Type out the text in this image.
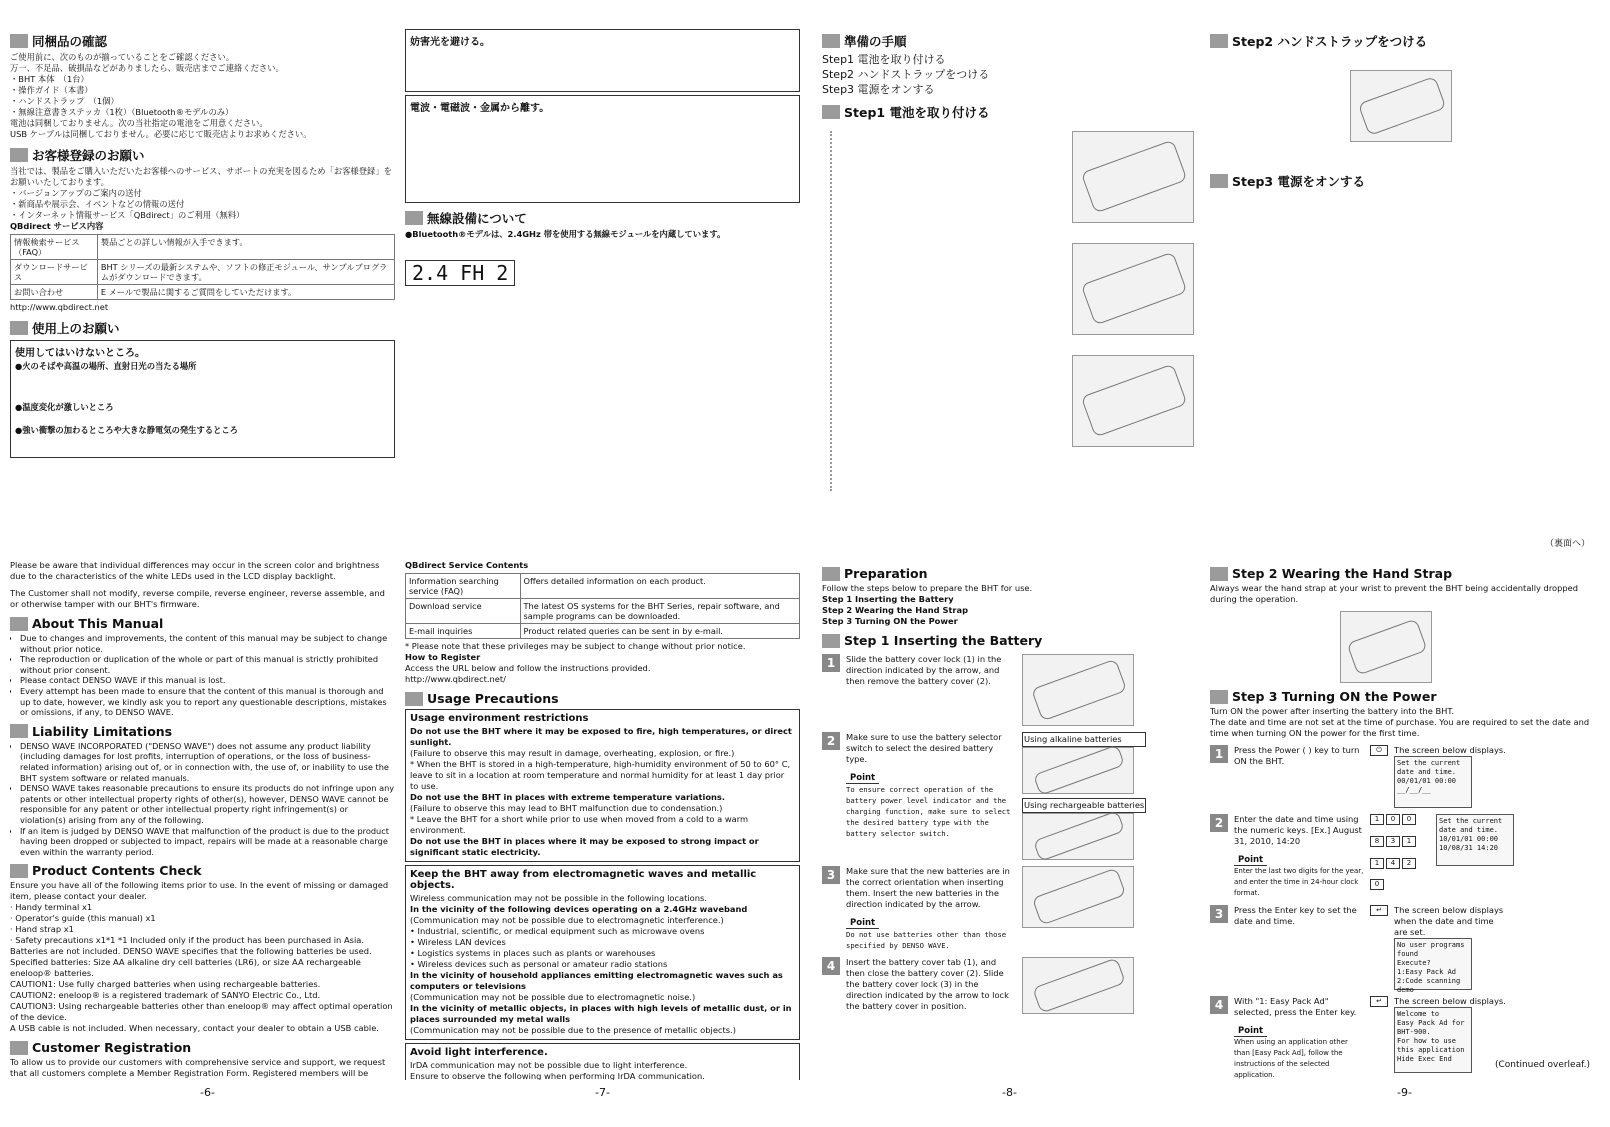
同梱品の確認

ご使用前に、次のものが揃っていることをご確認ください。

万一、不足品、破損品などがありましたら、販売店までご連絡ください。

・BHT 本体　（1台）

・操作ガイド（本書）

・ハンドストラップ　（1個）

・無線注意書きステッカ（1枚）（Bluetooth®モデルのみ）

電池は同梱しておりません。次の当社指定の電池をご用意ください。

USB ケーブルは同梱しておりません。必要に応じて販売店よりお求めください。

お客様登録のお願い

当社では、製品をご購入いただいたお客様へのサービス、サポートの充実を図るため「お客様登録」をお願いいたしております。

・バージョンアップのご案内の送付

・新商品や展示会、イベントなどの情報の送付

・インターネット情報サービス「QBdirect」のご利用（無料）

QBdirect サービス内容

情報検索サービス（FAQ）	製品ごとの詳しい情報が入手できます。
ダウンロードサービス	BHT シリーズの最新システムや、ソフトの修正モジュール、サンプルプログラムがダウンロードできます。
お問い合わせ	E メールで製品に関するご質問をしていただけます。

http://www.qbdirect.net

使用上のお願い

使用してはいけないところ。

●火のそばや高温の場所、直射日光の当たる場所

●温度変化が激しいところ

●強い衝撃の加わるところや大きな静電気の発生するところ

妨害光を避ける。

電波・電磁波・金属から離す。

無線設備について

●Bluetooth®モデルは、2.4GHz 帯を使用する無線モジュールを内蔵しています。

2.4 FH 2
準備の手順

Step1 電池を取り付ける

Step2 ハンドストラップをつける

Step3 電源をオンする

Step1 電池を取り付ける
Step2 ハンドストラップをつける
Step3 電源をオンする
（裏面へ）

Please be aware that individual differences may occur in the screen color and brightness due to the characteristics of the white LEDs used in the LCD display backlight.

The Customer shall not modify, reverse compile, reverse engineer, reverse assemble, and or otherwise tamper with our BHT's firmware.

About This Manual
• Due to changes and improvements, the content of this manual may be subject to change without prior notice.
• The reproduction or duplication of the whole or part of this manual is strictly prohibited without prior consent.
• Please contact DENSO WAVE if this manual is lost.
• Every attempt has been made to ensure that the content of this manual is thorough and up to date, however, we kindly ask you to report any questionable descriptions, mistakes or omissions, if any, to DENSO WAVE.
Liability Limitations
• DENSO WAVE INCORPORATED ("DENSO WAVE") does not assume any product liability (including damages for lost profits, interruption of operations, or the loss of business-related information) arising out of, or in connection with, the use of, or inability to use the BHT system software or related manuals.
• DENSO WAVE takes reasonable precautions to ensure its products do not infringe upon any patents or other intellectual property rights of other(s), however, DENSO WAVE cannot be responsible for any patent or other intellectual property right infringement(s) or violation(s) arising from any of the following.
• If an item is judged by DENSO WAVE that malfunction of the product is due to the product having been dropped or subjected to impact, repairs will be made at a reasonable charge even within the warranty period.
Product Contents Check

Ensure you have all of the following items prior to use. In the event of missing or damaged item, please contact your dealer.

· Handy terminal x1

· Operator's guide (this manual) x1

· Hand strap x1

· Safety precautions x1*1 *1 Included only if the product has been purchased in Asia.

Batteries are not included. DENSO WAVE specifies that the following batteries be used.

Specified batteries: Size AA alkaline dry cell batteries (LR6), or size AA rechargeable eneloop® batteries.

CAUTION1: Use fully charged batteries when using rechargeable batteries.

CAUTION2: eneloop® is a registered trademark of SANYO Electric Co., Ltd.

CAUTION3: Using rechargeable batteries other than eneloop® may affect optimal operation of the device.

A USB cable is not included. When necessary, contact your dealer to obtain a USB cable.

Customer Registration

To allow us to provide our customers with comprehensive service and support, we request that all customers complete a Member Registration Form. Registered members will be

QBdirect Service Contents

Information searching service (FAQ)	Offers detailed information on each product.
Download service	The latest OS systems for the BHT Series, repair software, and sample programs can be downloaded.
E-mail inquiries	Product related queries can be sent in by e-mail.

* Please note that these privileges may be subject to change without prior notice.

How to Register

Access the URL below and follow the instructions provided.

http://www.qbdirect.net/

Usage Precautions

Usage environment restrictions

Do not use the BHT where it may be exposed to fire, high temperatures, or direct sunlight.

(Failure to observe this may result in damage, overheating, explosion, or fire.)

* When the BHT is stored in a high-temperature, high-humidity environment of 50 to 60° C, leave to sit in a location at room temperature and normal humidity for at least 1 day prior to use.

Do not use the BHT in places with extreme temperature variations.

(Failure to observe this may lead to BHT malfunction due to condensation.)

* Leave the BHT for a short while prior to use when moved from a cold to a warm environment.

Do not use the BHT in places where it may be exposed to strong impact or significant static electricity.

Keep the BHT away from electromagnetic waves and metallic objects.

Wireless communication may not be possible in the following locations.

In the vicinity of the following devices operating on a 2.4GHz waveband

(Communication may not be possible due to electromagnetic interference.)

• Industrial, scientific, or medical equipment such as microwave ovens

• Wireless LAN devices

• Logistics systems in places such as plants or warehouses

• Wireless devices such as personal or amateur radio stations

In the vicinity of household appliances emitting electromagnetic waves such as computers or televisions

(Communication may not be possible due to electromagnetic noise.)

In the vicinity of metallic objects, in places with high levels of metallic dust, or in places surrounded my metal walls

(Communication may not be possible due to the presence of metallic objects.)

Avoid light interference.

IrDA communication may not be possible due to light interference.

Ensure to observe the following when performing IrDA communication.

Preparation

Follow the steps below to prepare the BHT for use.

Step 1 Inserting the Battery

Step 2 Wearing the Hand Strap

Step 3 Turning ON the Power

Step 1 Inserting the Battery
1	Slide the battery cover lock (1) in the direction indicated by the arrow, and then remove the battery cover (2).

2	Make sure to use the battery selector switch to select the desired battery type.

Point

To ensure correct operation of the battery power level indicator and the charging function, make sure to select the desired battery type with the battery selector switch.

Using alkaline batteries

Using rechargeable batteries

3	Make sure that the new batteries are in the correct orientation when inserting them. Insert the new batteries in the direction indicated by the arrow.

Point

Do not use batteries other than those specified by DENSO WAVE.

4	Insert the battery cover tab (1), and then close the battery cover (2). Slide the battery cover lock (3) in the direction indicated by the arrow to lock the battery cover in position.

Step 2 Wearing the Hand Strap

Always wear the hand strap at your wrist to prevent the BHT being accidentally dropped during the operation.

Step 3 Turning ON the Power

Turn ON the power after inserting the battery into the BHT.

The date and time are not set at the time of purchase. You are required to set the date and time when turning ON the power for the first time.

1	Press the Power ( ) key to turn ON the BHT.

⏻	The screen below displays.

Set the current
date and time.
00/01/01 00:00
__/__/__
2	Enter the date and time using the numeric keys. [Ex.] August 31, 2010, 14:20

Point

Enter the last two digits for the year, and enter the time in 24-hour clock format.

1	0	0
8	3	1
1	4	2
0
Set the current
date and time.
10/01/01 00:00
10/08/31 14:20
3	Press the Enter key to set the date and time.

↵	The screen below displays when the date and time are set.

No user programs
found
Execute?
1:Easy Pack Ad
2:Code scanning demo
4	With "1: Easy Pack Ad" selected, press the Enter key.

Point

When using an application other than [Easy Pack Ad], follow the instructions of the selected application.

↵	The screen below displays.

Welcome to
Easy Pack Ad for
BHT-900.
For how to use
this application
Hide Exec End
(Continued overleaf.)
-6-	-7-	-8-	-9-
